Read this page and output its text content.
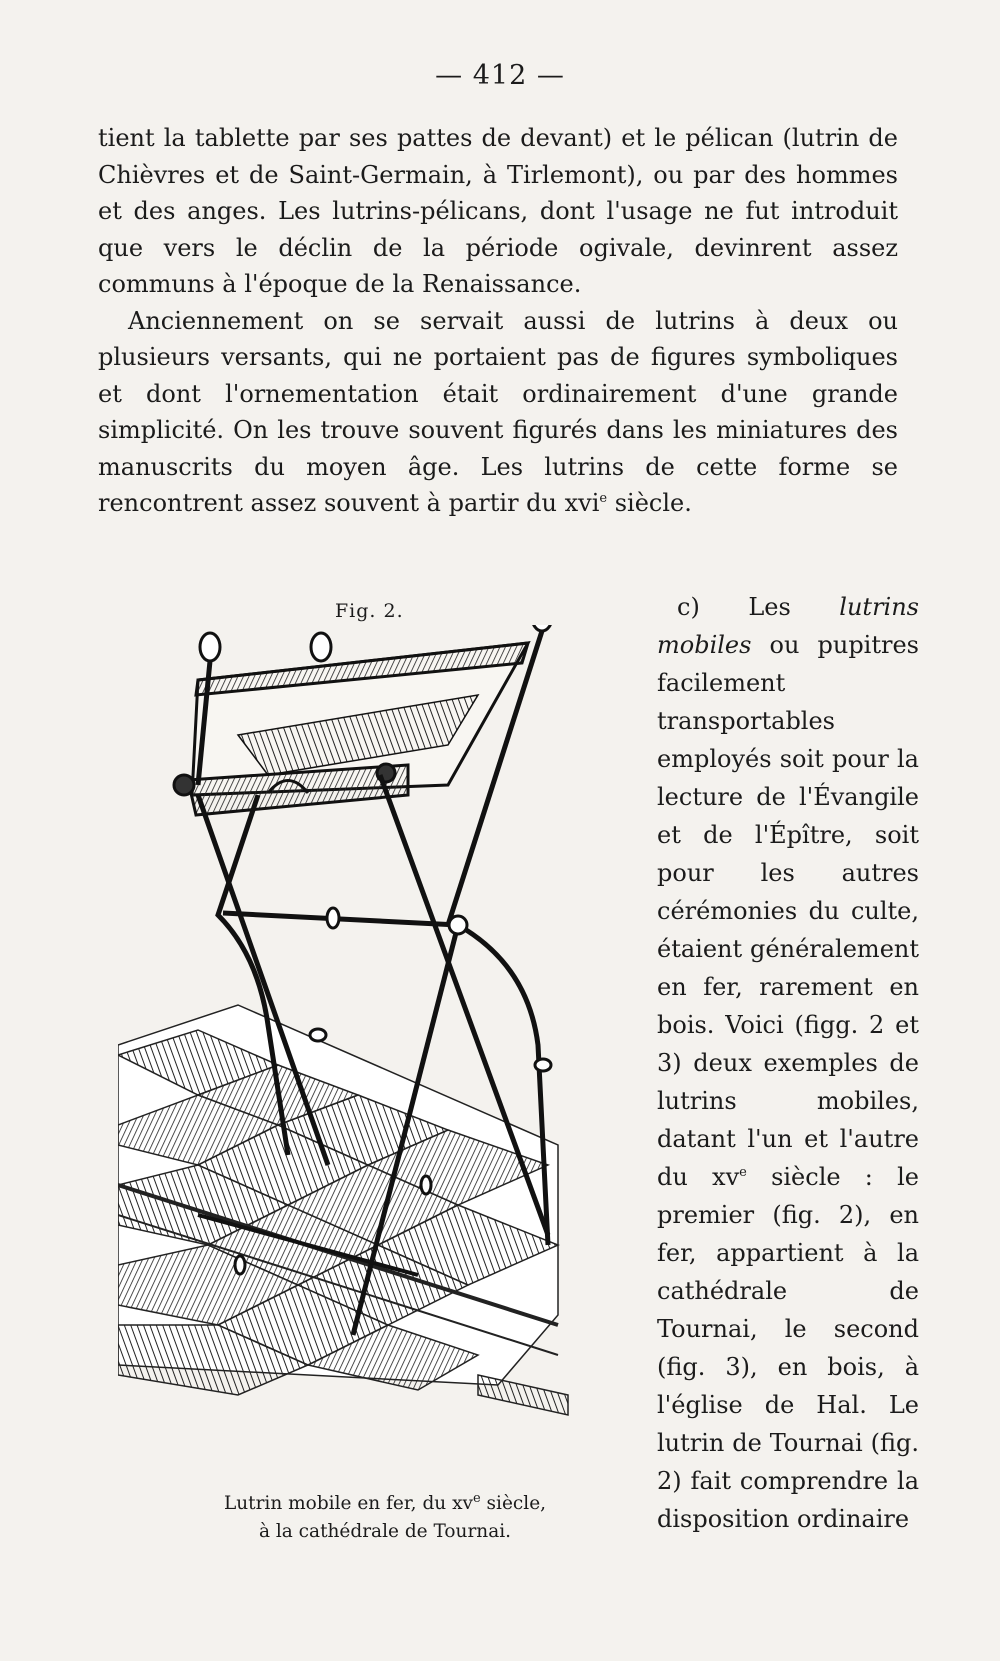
— 412 —

tient la tablette par ses pattes de devant) et le pélican (lutrin de Chièvres et de Saint-Germain, à Tirlemont), ou par des hommes et des anges. Les lutrins-pélicans, dont l'usage ne fut introduit que vers le déclin de la période ogivale, devinrent assez communs à l'époque de la Renaissance.

Anciennement on se servait aussi de lutrins à deux ou plusieurs versants, qui ne portaient pas de figures symboliques et dont l'ornementation était ordinairement d'une grande simplicité. On les trouve souvent figurés dans les miniatures des manuscrits du moyen âge. Les lutrins de cette forme se rencontrent assez souvent à partir du xvi$^e$ siècle.

Fig. 2.
Lutrin mobile en fer, du $xv^e$ siècle,
à la cathédrale de Tournai.

c) Les lutrins mobiles ou pupitres facilement transportables employés soit pour la lecture de l'Évangile et de l'Épître, soit pour les autres cérémonies du culte, étaient généralement en fer, rarement en bois. Voici (figg. 2 et 3) deux exemples de lutrins mobiles, datant l'un et l'autre du $xv^e$ siècle : le premier (fig. 2), en fer, appartient à la cathédrale de Tournai, le second (fig. 3), en bois, à l'église de Hal. Le lutrin de Tournai (fig. 2) fait comprendre la disposition ordinaire
